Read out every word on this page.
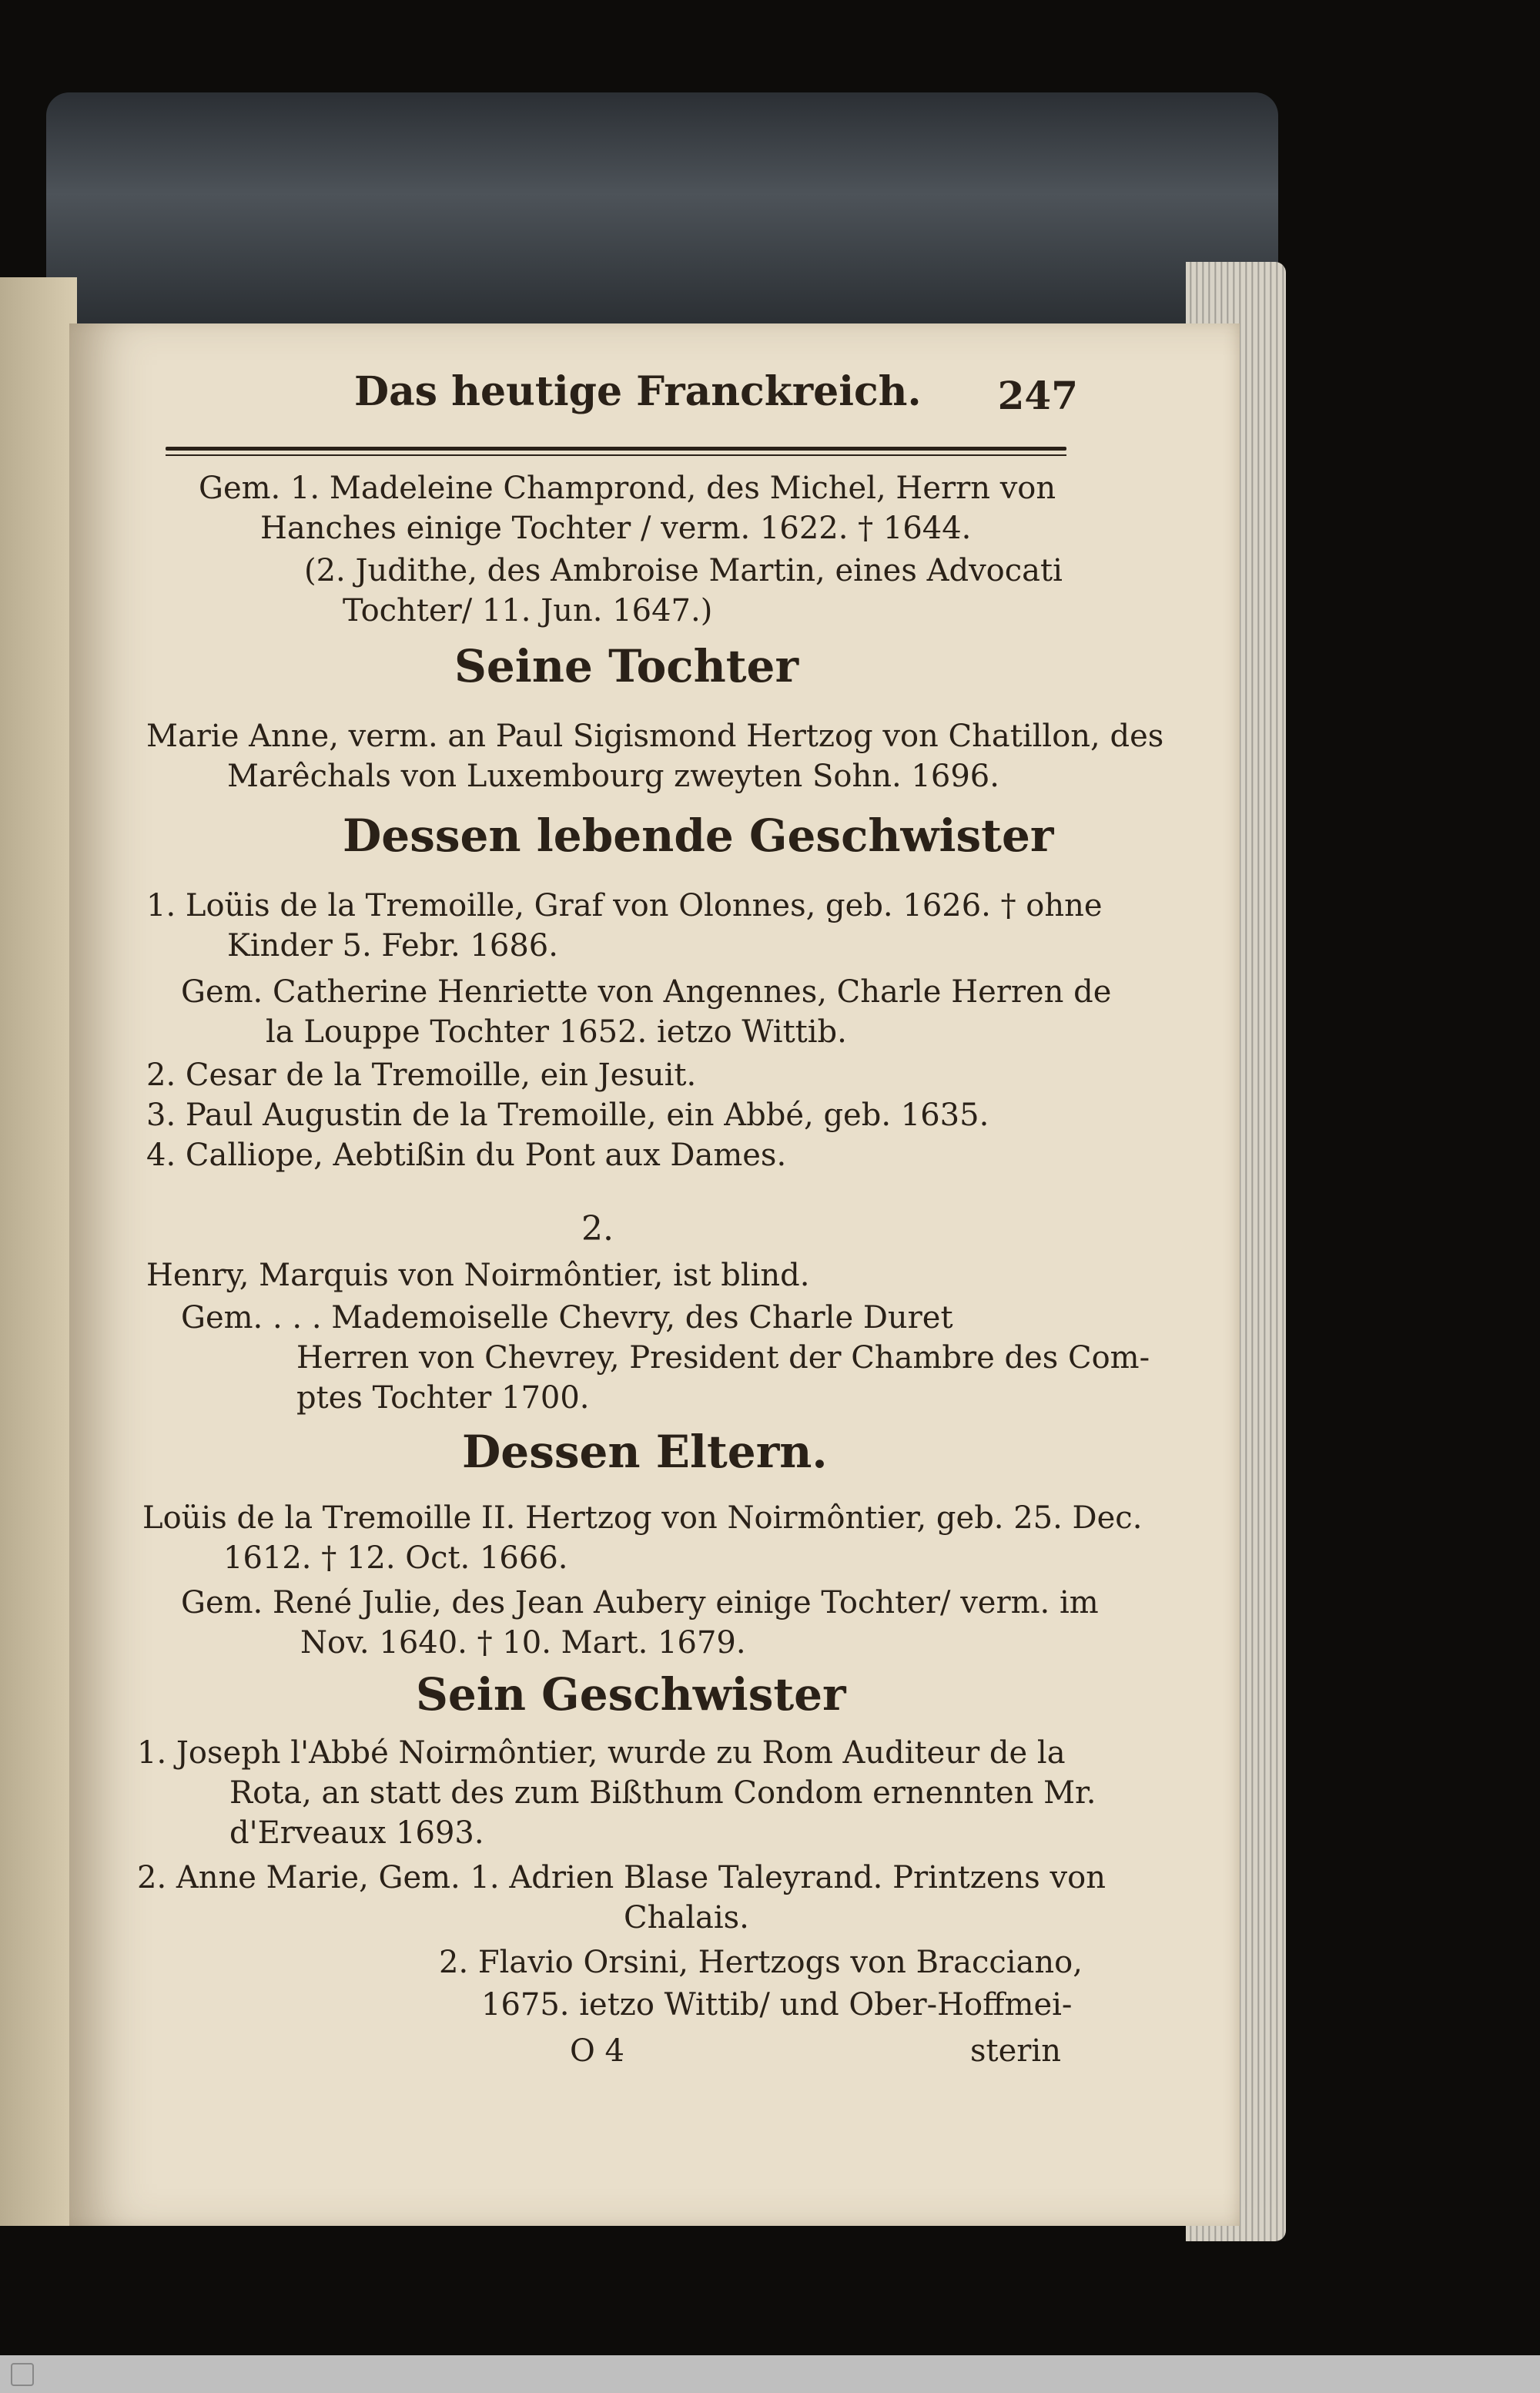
Das heutige Franckreich. 247
Gem. 1. Madeleine Champrond, des Michel, Herrn von
Hanches einige Tochter / verm. 1622. † 1644.
(2. Judithe, des Ambroise Martin, eines Advocati
Tochter/ 11. Jun. 1647.)
Seine Tochter
Marie Anne, verm. an Paul Sigismond Hertzog von Chatillon, des
Marêchals von Luxembourg zweyten Sohn. 1696.
Dessen lebende Geschwister
1. Loüis de la Tremoille, Graf von Olonnes, geb. 1626. † ohne
Kinder 5. Febr. 1686.
Gem. Catherine Henriette von Angennes, Charle Herren de
la Louppe Tochter 1652. ietzo Wittib.
2. Cesar de la Tremoille, ein Jesuit.
3. Paul Augustin de la Tremoille, ein Abbé, geb. 1635.
4. Calliope, Aebtißin du Pont aux Dames.
2.
Henry, Marquis von Noirmôntier, ist blind.
Gem. . . . Mademoiselle Chevry, des Charle Duret
Herren von Chevrey, President der Chambre des Com-
ptes Tochter 1700.
Dessen Eltern.
Loüis de la Tremoille II. Hertzog von Noirmôntier, geb. 25. Dec.
1612. † 12. Oct. 1666.
Gem. René Julie, des Jean Aubery einige Tochter/ verm. im
Nov. 1640. † 10. Mart. 1679.
Sein Geschwister
1. Joseph l'Abbé Noirmôntier, wurde zu Rom Auditeur de la
Rota, an statt des zum Bißthum Condom ernennten Mr.
d'Erveaux 1693.
2. Anne Marie, Gem. 1. Adrien Blase Taleyrand. Printzens von
Chalais.
2. Flavio Orsini, Hertzogs von Bracciano,
1675. ietzo Wittib/ und Ober-Hoffmei-
O 4	sterin
